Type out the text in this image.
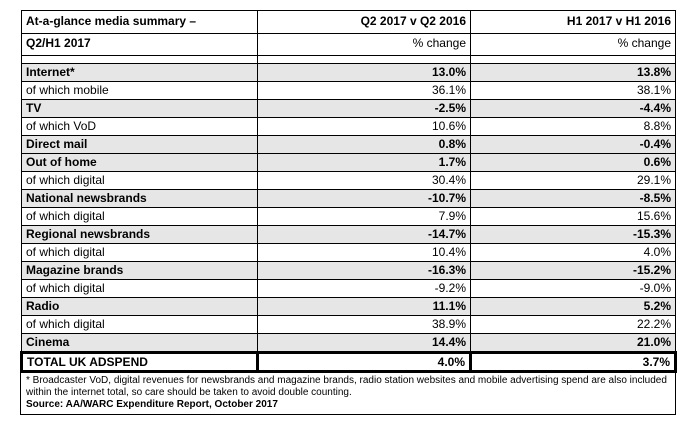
At-a-glance media summary –	Q2 2017 v Q2 2016	H1 2017 v H1 2016
Q2/H1 2017	% change	% change

Internet*	13.0%	13.8%
of which mobile	36.1%	38.1%
TV	-2.5%	-4.4%
of which VoD	10.6%	8.8%
Direct mail	0.8%	-0.4%
Out of home	1.7%	0.6%
of which digital	30.4%	29.1%
National newsbrands	-10.7%	-8.5%
of which digital	7.9%	15.6%
Regional newsbrands	-14.7%	-15.3%
of which digital	10.4%	4.0%
Magazine brands	-16.3%	-15.2%
of which digital	-9.2%	-9.0%
Radio	11.1%	5.2%
of which digital	38.9%	22.2%
Cinema	14.4%	21.0%
TOTAL UK ADSPEND	4.0%	3.7%
* Broadcaster VoD, digital revenues for newsbrands and magazine brands, radio station websites and mobile advertising spend are also included within the internet total, so care should be taken to avoid double counting.
Source: AA/WARC Expenditure Report, October 2017
